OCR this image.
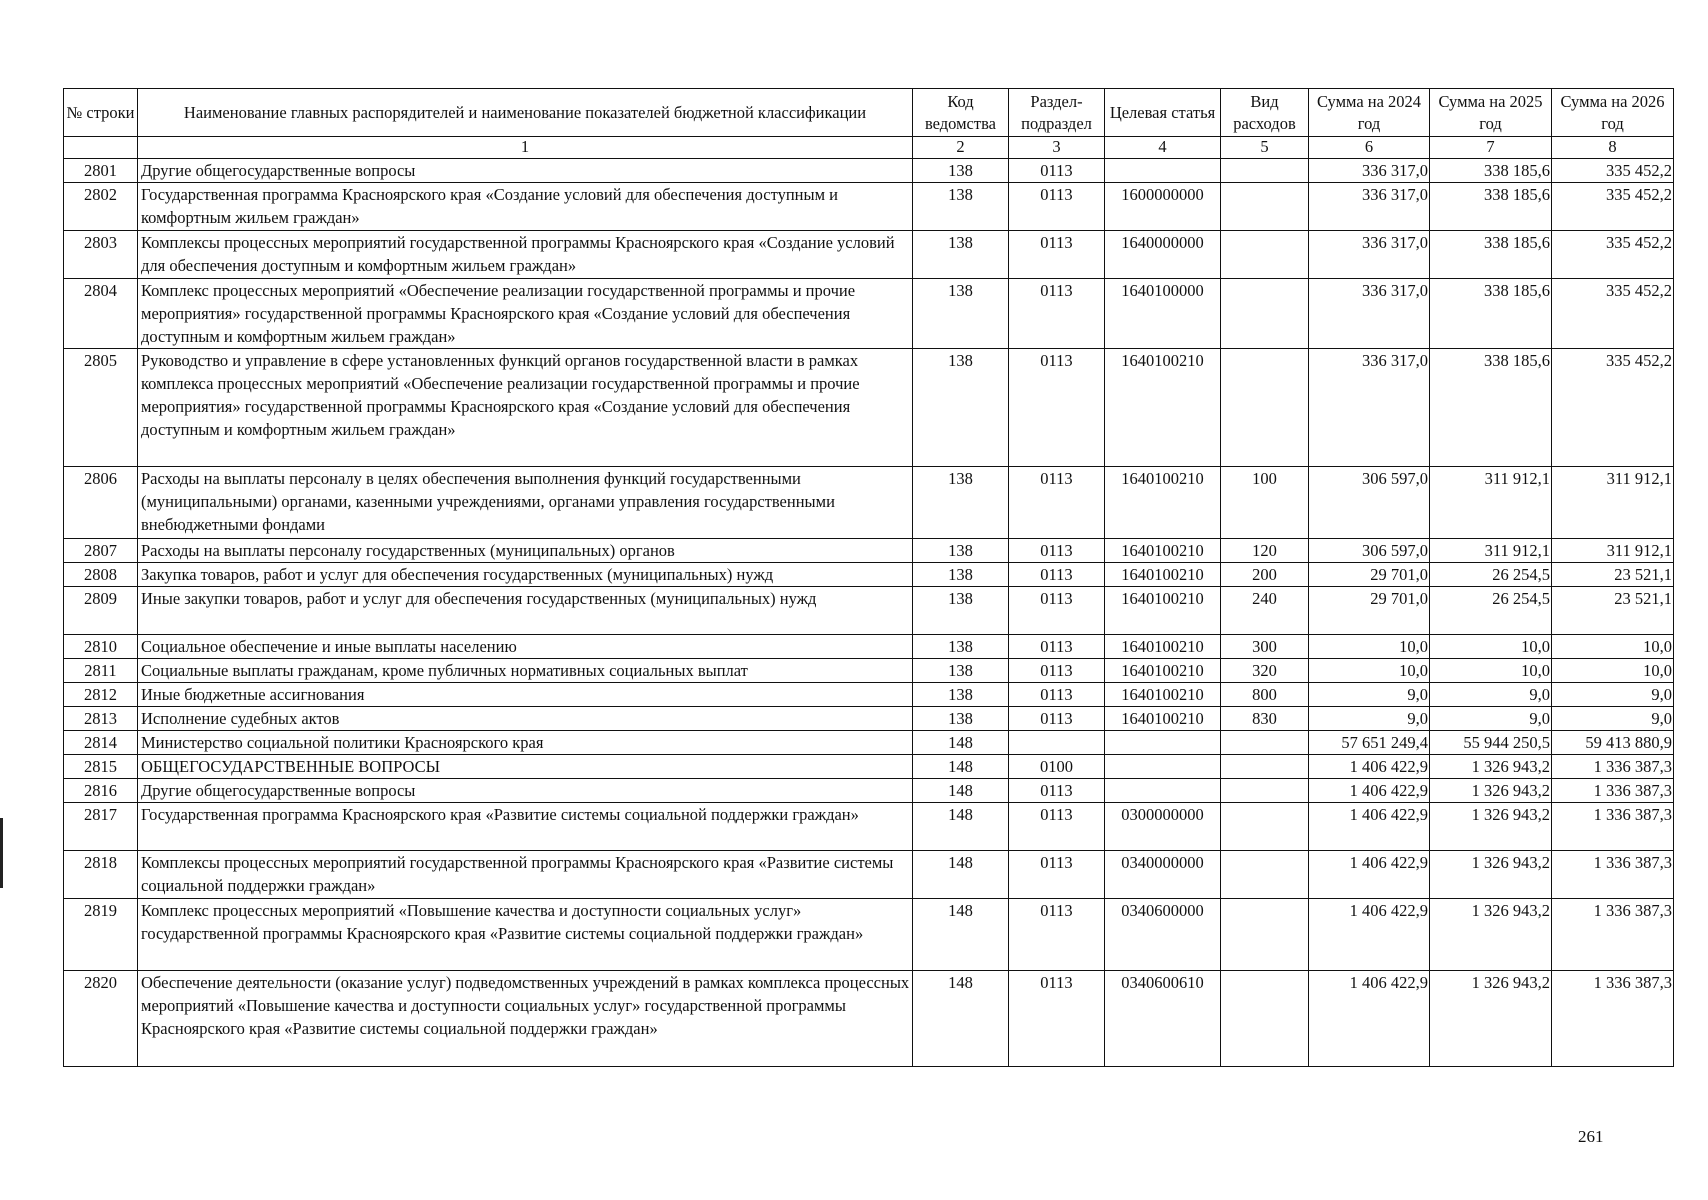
№ строки	Наименование главных распорядителей и наименование показателей бюджетной классификации	Код ведомства	Раздел-подраздел	Целевая статья	Вид расходов	Сумма на 2024 год	Сумма на 2025 год	Сумма на 2026 год
	1	2	3	4	5	6	7	8
2801	Другие общегосударственные вопросы	138	0113			336 317,0	338 185,6	335 452,2
2802	Государственная программа Красноярского края «Создание условий для обеспечения доступным и комфортным жильем граждан»	138	0113	1600000000		336 317,0	338 185,6	335 452,2
2803	Комплексы процессных мероприятий государственной программы Красноярского края «Создание условий для обеспечения доступным и комфортным жильем граждан»	138	0113	1640000000		336 317,0	338 185,6	335 452,2
2804	Комплекс процессных мероприятий «Обеспечение реализации государственной программы и прочие мероприятия» государственной программы Красноярского края «Создание условий для обеспечения доступным и комфортным жильем граждан»	138	0113	1640100000		336 317,0	338 185,6	335 452,2
2805	Руководство и управление в сфере установленных функций органов государственной власти в рамках комплекса процессных мероприятий «Обеспечение реализации государственной программы и прочие мероприятия» государственной программы Красноярского края «Создание условий для обеспечения доступным и комфортным жильем граждан»	138	0113	1640100210		336 317,0	338 185,6	335 452,2
2806	Расходы на выплаты персоналу в целях обеспечения выполнения функций государственными (муниципальными) органами, казенными учреждениями, органами управления государственными внебюджетными фондами	138	0113	1640100210	100	306 597,0	311 912,1	311 912,1
2807	Расходы на выплаты персоналу государственных (муниципальных) органов	138	0113	1640100210	120	306 597,0	311 912,1	311 912,1
2808	Закупка товаров, работ и услуг для обеспечения государственных (муниципальных) нужд	138	0113	1640100210	200	29 701,0	26 254,5	23 521,1
2809	Иные закупки товаров, работ и услуг для обеспечения государственных (муниципальных) нужд	138	0113	1640100210	240	29 701,0	26 254,5	23 521,1
2810	Социальное обеспечение и иные выплаты населению	138	0113	1640100210	300	10,0	10,0	10,0
2811	Социальные выплаты гражданам, кроме публичных нормативных социальных выплат	138	0113	1640100210	320	10,0	10,0	10,0
2812	Иные бюджетные ассигнования	138	0113	1640100210	800	9,0	9,0	9,0
2813	Исполнение судебных актов	138	0113	1640100210	830	9,0	9,0	9,0
2814	Министерство социальной политики Красноярского края	148				57 651 249,4	55 944 250,5	59 413 880,9
2815	ОБЩЕГОСУДАРСТВЕННЫЕ ВОПРОСЫ	148	0100			1 406 422,9	1 326 943,2	1 336 387,3
2816	Другие общегосударственные вопросы	148	0113			1 406 422,9	1 326 943,2	1 336 387,3
2817	Государственная программа Красноярского края «Развитие системы социальной поддержки граждан»	148	0113	0300000000		1 406 422,9	1 326 943,2	1 336 387,3
2818	Комплексы процессных мероприятий государственной программы Красноярского края «Развитие системы социальной поддержки граждан»	148	0113	0340000000		1 406 422,9	1 326 943,2	1 336 387,3
2819	Комплекс процессных мероприятий «Повышение качества и доступности социальных услуг» государственной программы Красноярского края «Развитие системы социальной поддержки граждан»	148	0113	0340600000		1 406 422,9	1 326 943,2	1 336 387,3
2820	Обеспечение деятельности (оказание услуг) подведомственных учреждений в рамках комплекса процессных мероприятий «Повышение качества и доступности социальных услуг» государственной программы Красноярского края «Развитие системы социальной поддержки граждан»	148	0113	0340600610		1 406 422,9	1 326 943,2	1 336 387,3
261
